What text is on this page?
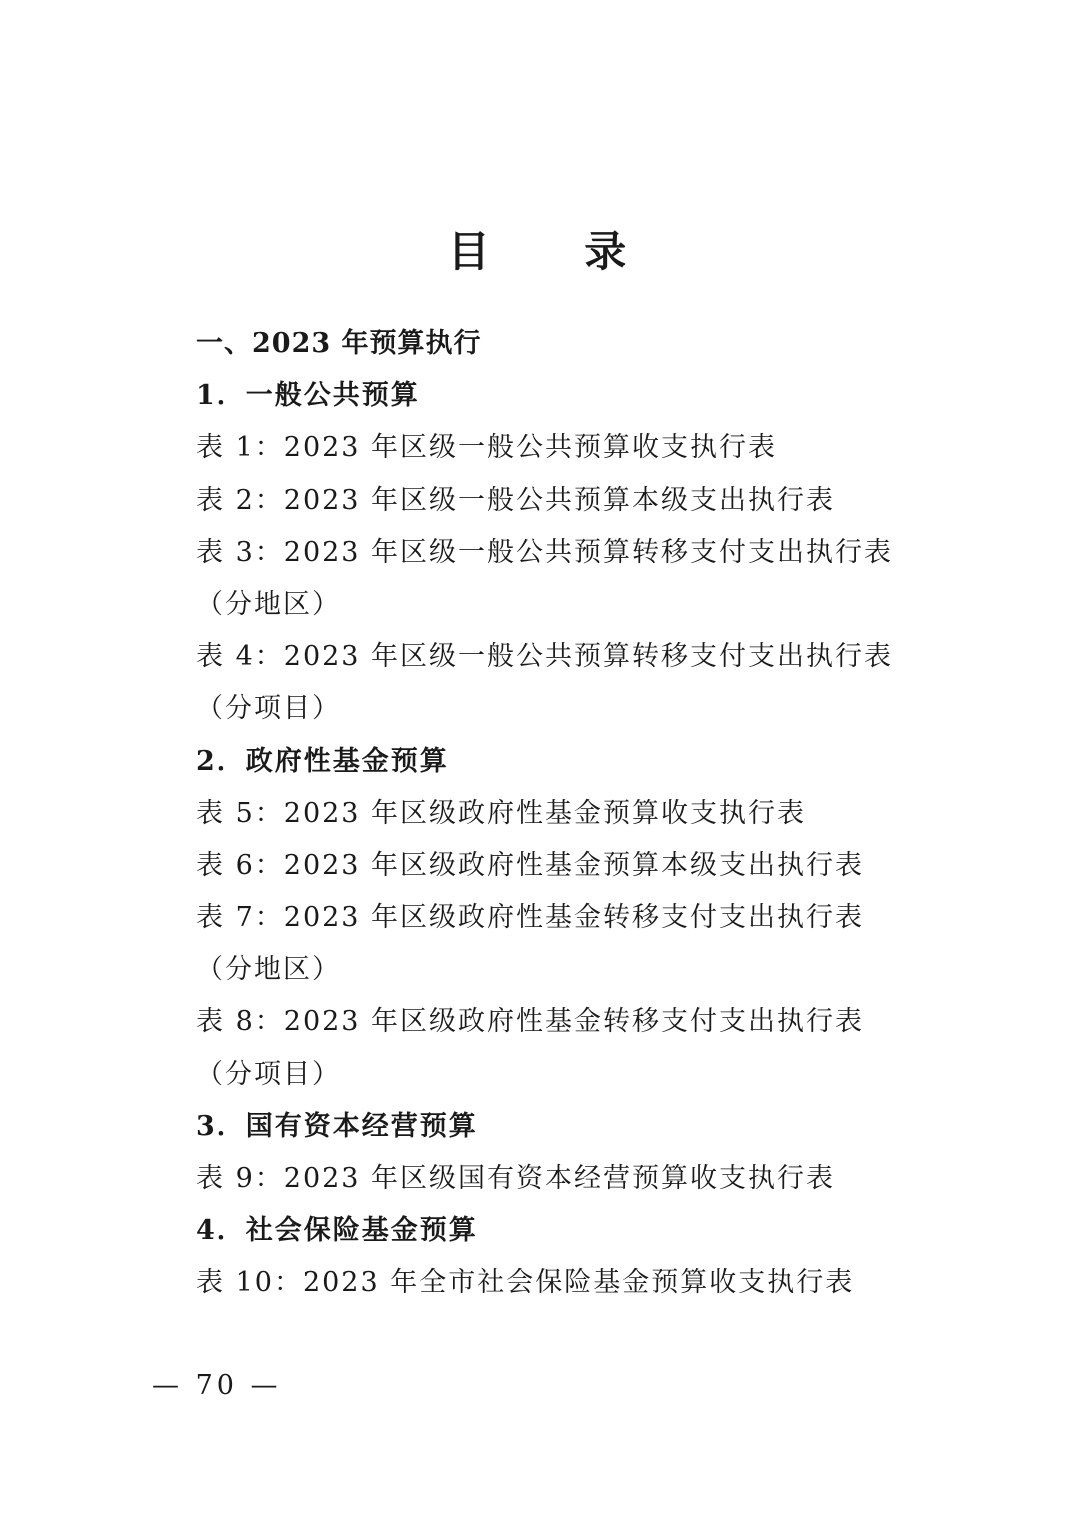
目 录
一、2023 年预算执行
1．一般公共预算
表 1：2023 年区级一般公共预算收支执行表
表 2：2023 年区级一般公共预算本级支出执行表
表 3：2023 年区级一般公共预算转移支付支出执行表
（分地区）
表 4：2023 年区级一般公共预算转移支付支出执行表
（分项目）
2．政府性基金预算
表 5：2023 年区级政府性基金预算收支执行表
表 6：2023 年区级政府性基金预算本级支出执行表
表 7：2023 年区级政府性基金转移支付支出执行表
（分地区）
表 8：2023 年区级政府性基金转移支付支出执行表
（分项目）
3．国有资本经营预算
表 9：2023 年区级国有资本经营预算收支执行表
4．社会保险基金预算
表 10：2023 年全市社会保险基金预算收支执行表
— 70 —
